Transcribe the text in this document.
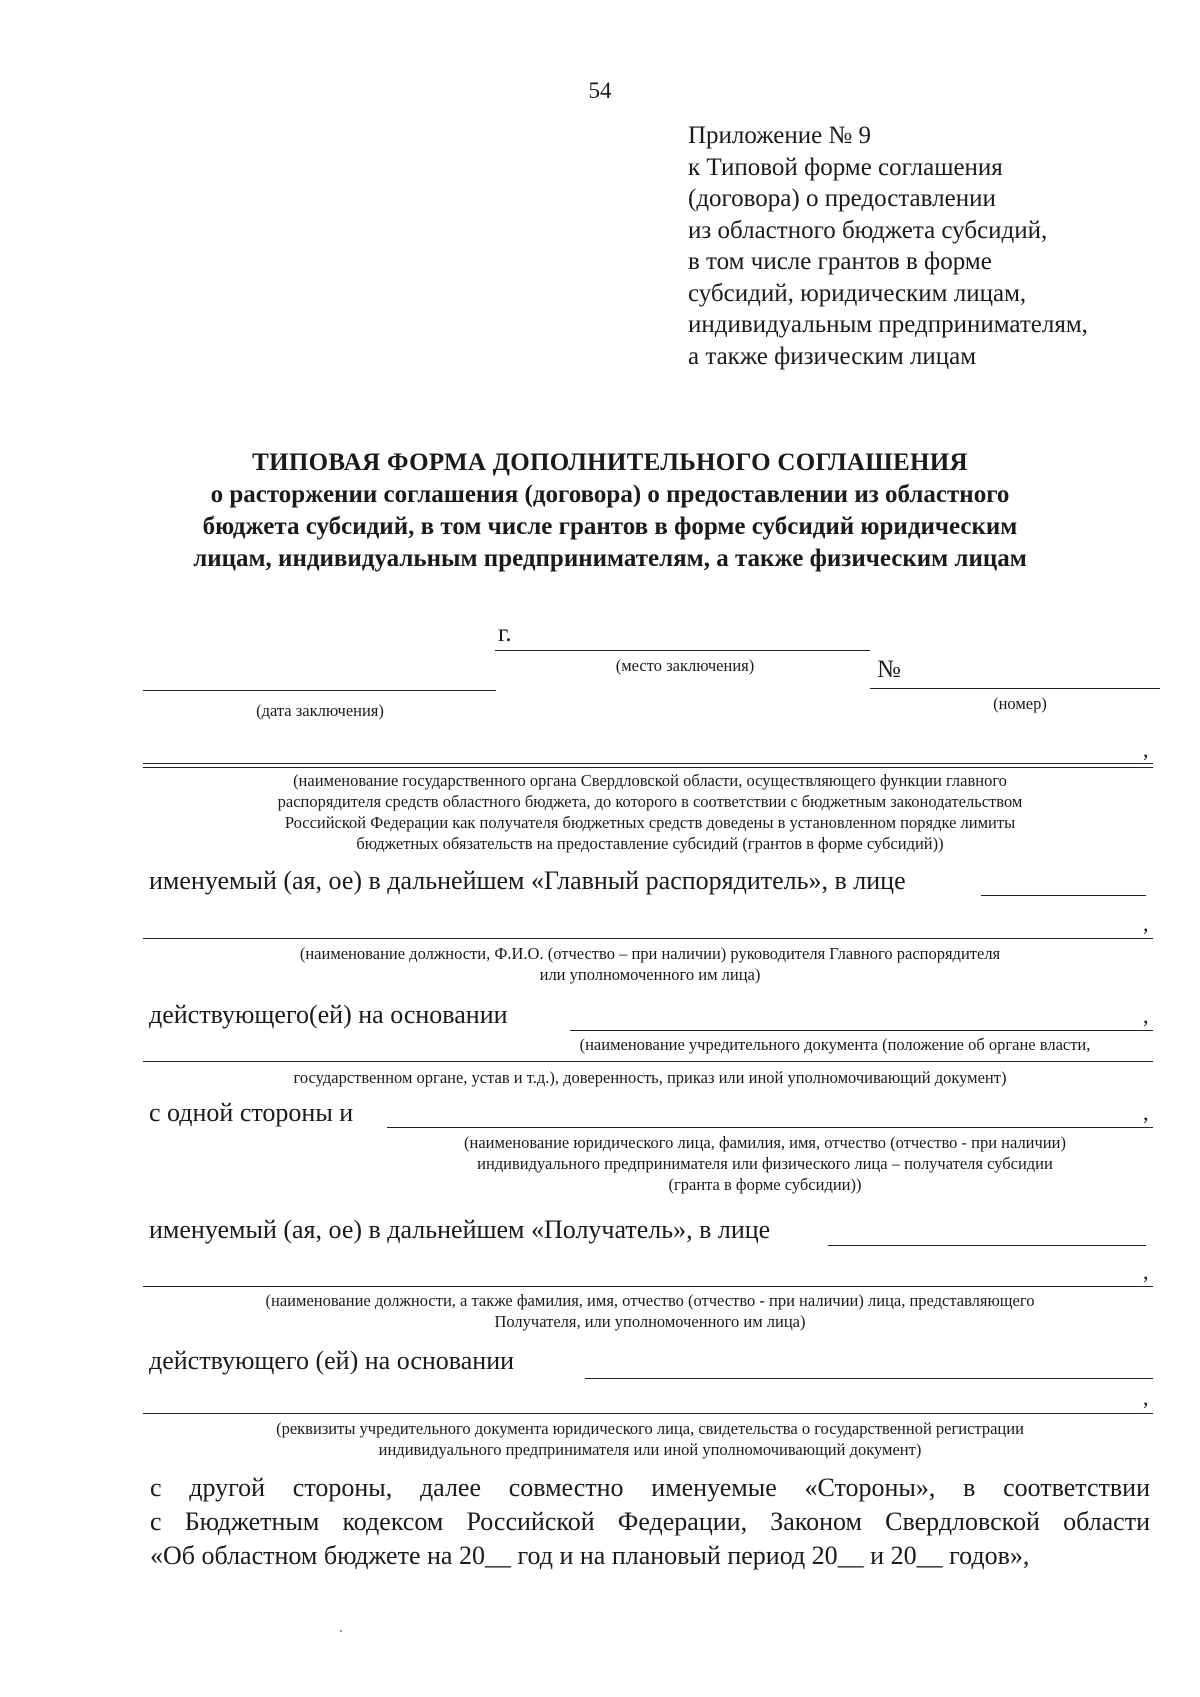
54
Приложение № 9
к Типовой форме соглашения
(договора) о предоставлении
из областного бюджета субсидий,
в том числе грантов в форме
субсидий, юридическим лицам,
индивидуальным предпринимателям,
а также физическим лицам
ТИПОВАЯ ФОРМА ДОПОЛНИТЕЛЬНОГО СОГЛАШЕНИЯ
о расторжении соглашения (договора) о предоставлении из областного
бюджета субсидий, в том числе грантов в форме субсидий юридическим
лицам, индивидуальным предпринимателям, а также физическим лицам
г.
(место заключения)
(дата заключения)
№
(номер)
,
(наименование государственного органа Свердловской области, осуществляющего функции главного
распорядителя средств областного бюджета, до которого в соответствии с бюджетным законодательством
Российской Федерации как получателя бюджетных средств доведены в установленном порядке лимиты
бюджетных обязательств на предоставление субсидий (грантов в форме субсидий))
именуемый (ая, ое) в дальнейшем «Главный распорядитель», в лице
,
(наименование должности, Ф.И.О. (отчество – при наличии) руководителя Главного распорядителя
или уполномоченного им лица)
действующего(ей) на основании	,
(наименование учредительного документа (положение об органе власти,
государственном органе, устав и т.д.), доверенность, приказ или иной уполномочивающий документ)
с одной стороны и	,
(наименование юридического лица, фамилия, имя, отчество (отчество - при наличии)
индивидуального предпринимателя или физического лица – получателя субсидии
(гранта в форме субсидии))
именуемый (ая, ое) в дальнейшем «Получатель», в лице
,
(наименование должности, а также фамилия, имя, отчество (отчество - при наличии) лица, представляющего
Получателя, или уполномоченного им лица)
действующего (ей) на основании
,
(реквизиты учредительного документа юридического лица, свидетельства о государственной регистрации
индивидуального предпринимателя или иной уполномочивающий документ)
с другой стороны, далее совместно именуемые «Стороны», в соответствии
с Бюджетным кодексом Российской Федерации, Законом Свердловской области
«Об областном бюджете на 20__ год и на плановый период 20__ и 20__ годов»,
